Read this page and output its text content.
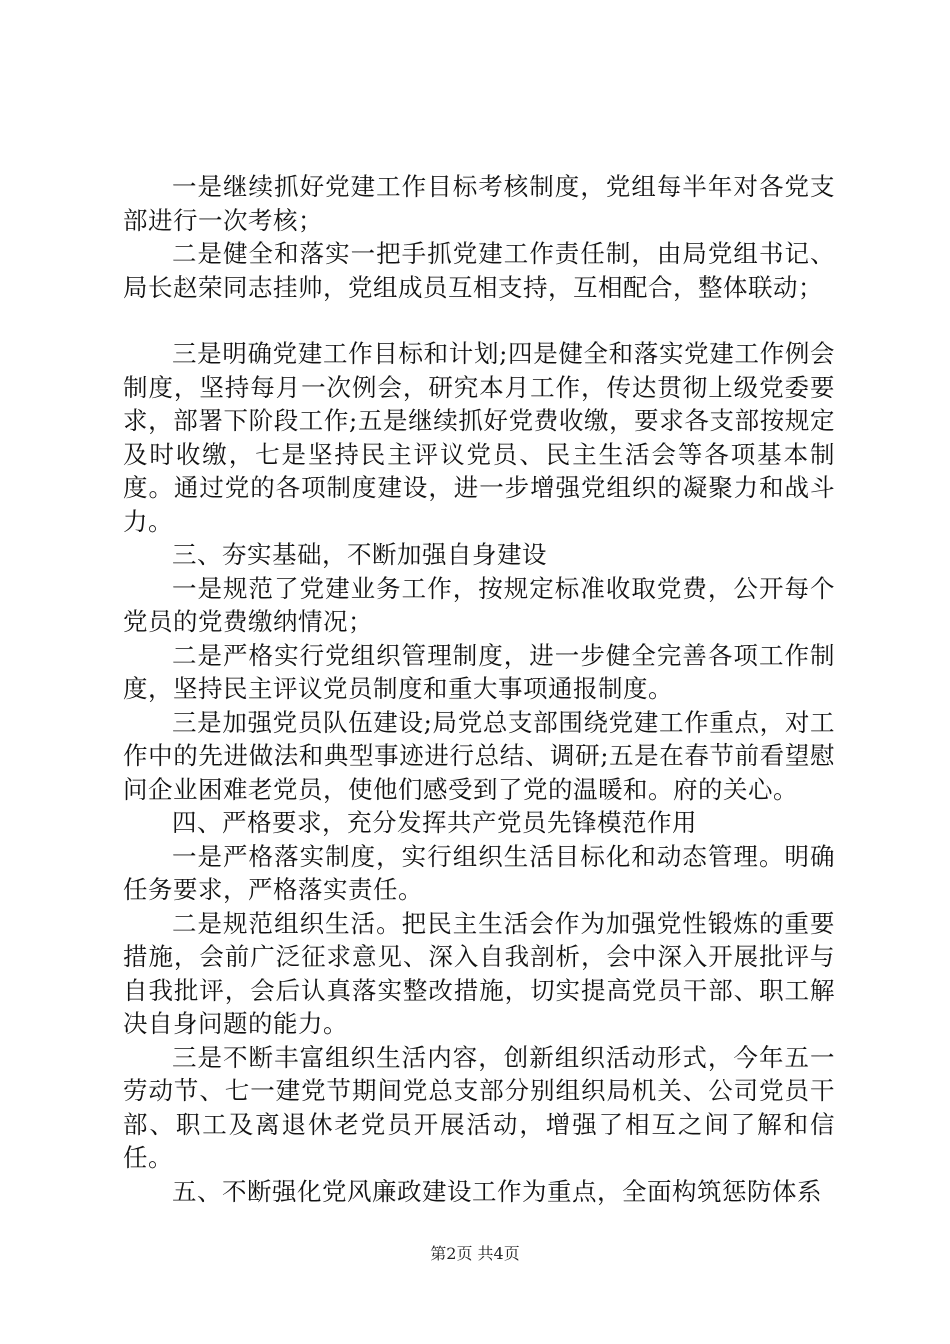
一是继续抓好党建工作目标考核制度，党组每半年对各党支部进行一次考核；

二是健全和落实一把手抓党建工作责任制，由局党组书记、局长赵荣同志挂帅，党组成员互相支持，互相配合，整体联动；

三是明确党建工作目标和计划;四是健全和落实党建工作例会制度，坚持每月一次例会，研究本月工作，传达贯彻上级党委要求，部署下阶段工作;五是继续抓好党费收缴，要求各支部按规定及时收缴，七是坚持民主评议党员、民主生活会等各项基本制度。通过党的各项制度建设，进一步增强党组织的凝聚力和战斗力。

三、夯实基础，不断加强自身建设

一是规范了党建业务工作，按规定标准收取党费，公开每个党员的党费缴纳情况；

二是严格实行党组织管理制度，进一步健全完善各项工作制度，坚持民主评议党员制度和重大事项通报制度。

三是加强党员队伍建设;局党总支部围绕党建工作重点，对工作中的先进做法和典型事迹进行总结、调研;五是在春节前看望慰问企业困难老党员，使他们感受到了党的温暖和。府的关心。

四、严格要求，充分发挥共产党员先锋模范作用

一是严格落实制度，实行组织生活目标化和动态管理。明确任务要求，严格落实责任。

二是规范组织生活。把民主生活会作为加强党性锻炼的重要措施，会前广泛征求意见、深入自我剖析，会中深入开展批评与自我批评，会后认真落实整改措施，切实提高党员干部、职工解决自身问题的能力。

三是不断丰富组织生活内容，创新组织活动形式，今年五一劳动节、七一建党节期间党总支部分别组织局机关、公司党员干部、职工及离退休老党员开展活动，增强了相互之间了解和信任。

五、不断强化党风廉政建设工作为重点，全面构筑惩防体系

第2页 共4页
